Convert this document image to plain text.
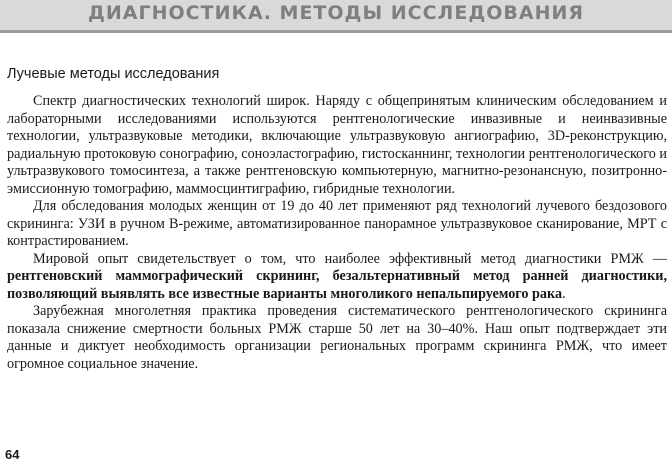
ДИАГНОСТИКА. МЕТОДЫ ИССЛЕДОВАНИЯ
Лучевые методы исследования

Спектр диагностических технологий широк. Наряду с общепринятым клиническим обследованием и лабораторными исследованиями используются рентгенологические инвазивные и неинвазивные технологии, ультразвуковые методики, включающие ультразвуковую ангиографию, 3D-реконструкцию, радиальную протоковую сонографию, соноэластографию, гистосканнинг, технологии рентгенологического и ультразвукового томосинтеза, а также рентгеновскую компьютерную, магнитно-резонансную, позитронно-эмиссионную томографию, маммосцинтиграфию, гибридные технологии.

Для обследования молодых женщин от 19 до 40 лет применяют ряд технологий лучевого бездозового скрининга: УЗИ в ручном В-режиме, автоматизированное панорамное ультразвуковое сканирование, МРТ с контрастированием.

Мировой опыт свидетельствует о том, что наиболее эффективный метод диагностики РМЖ — рентгеновский маммографический скрининг, безальтернативный метод ранней диагностики, позволяющий выявлять все известные варианты многоликого непальпируемого рака.

Зарубежная многолетняя практика проведения систематического рентгенологического скрининга показала снижение смертности больных РМЖ старше 50 лет на 30–40%. Наш опыт подтверждает эти данные и диктует необходимость организации региональных программ скрининга РМЖ, что имеет огромное социальное значение.

64
